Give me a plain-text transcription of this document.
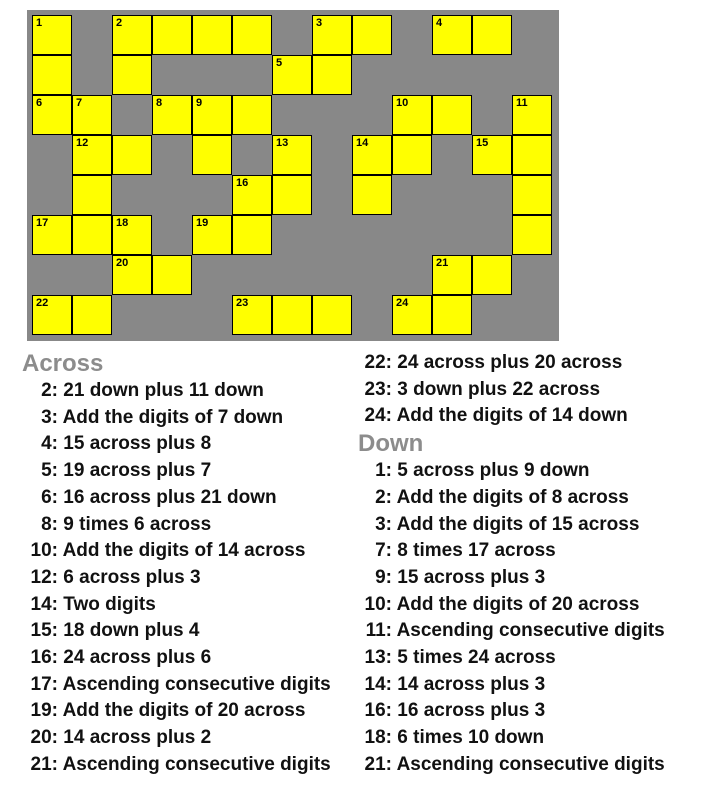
1	2	3	4
5
6	7	8	9	10	11
12	13	14	15
16
17	18	19
20	21
22	23	24
Across
2: 21 down plus 11 down
3: Add the digits of 7 down
4: 15 across plus 8
5: 19 across plus 7
6: 16 across plus 21 down
8: 9 times 6 across
10: Add the digits of 14 across
12: 6 across plus 3
14: Two digits
15: 18 down plus 4
16: 24 across plus 6
17: Ascending consecutive digits
19: Add the digits of 20 across
20: 14 across plus 2
21: Ascending consecutive digits
22: 24 across plus 20 across
23: 3 down plus 22 across
24: Add the digits of 14 down
Down
1: 5 across plus 9 down
2: Add the digits of 8 across
3: Add the digits of 15 across
7: 8 times 17 across
9: 15 across plus 3
10: Add the digits of 20 across
11: Ascending consecutive digits
13: 5 times 24 across
14: 14 across plus 3
16: 16 across plus 3
18: 6 times 10 down
21: Ascending consecutive digits
